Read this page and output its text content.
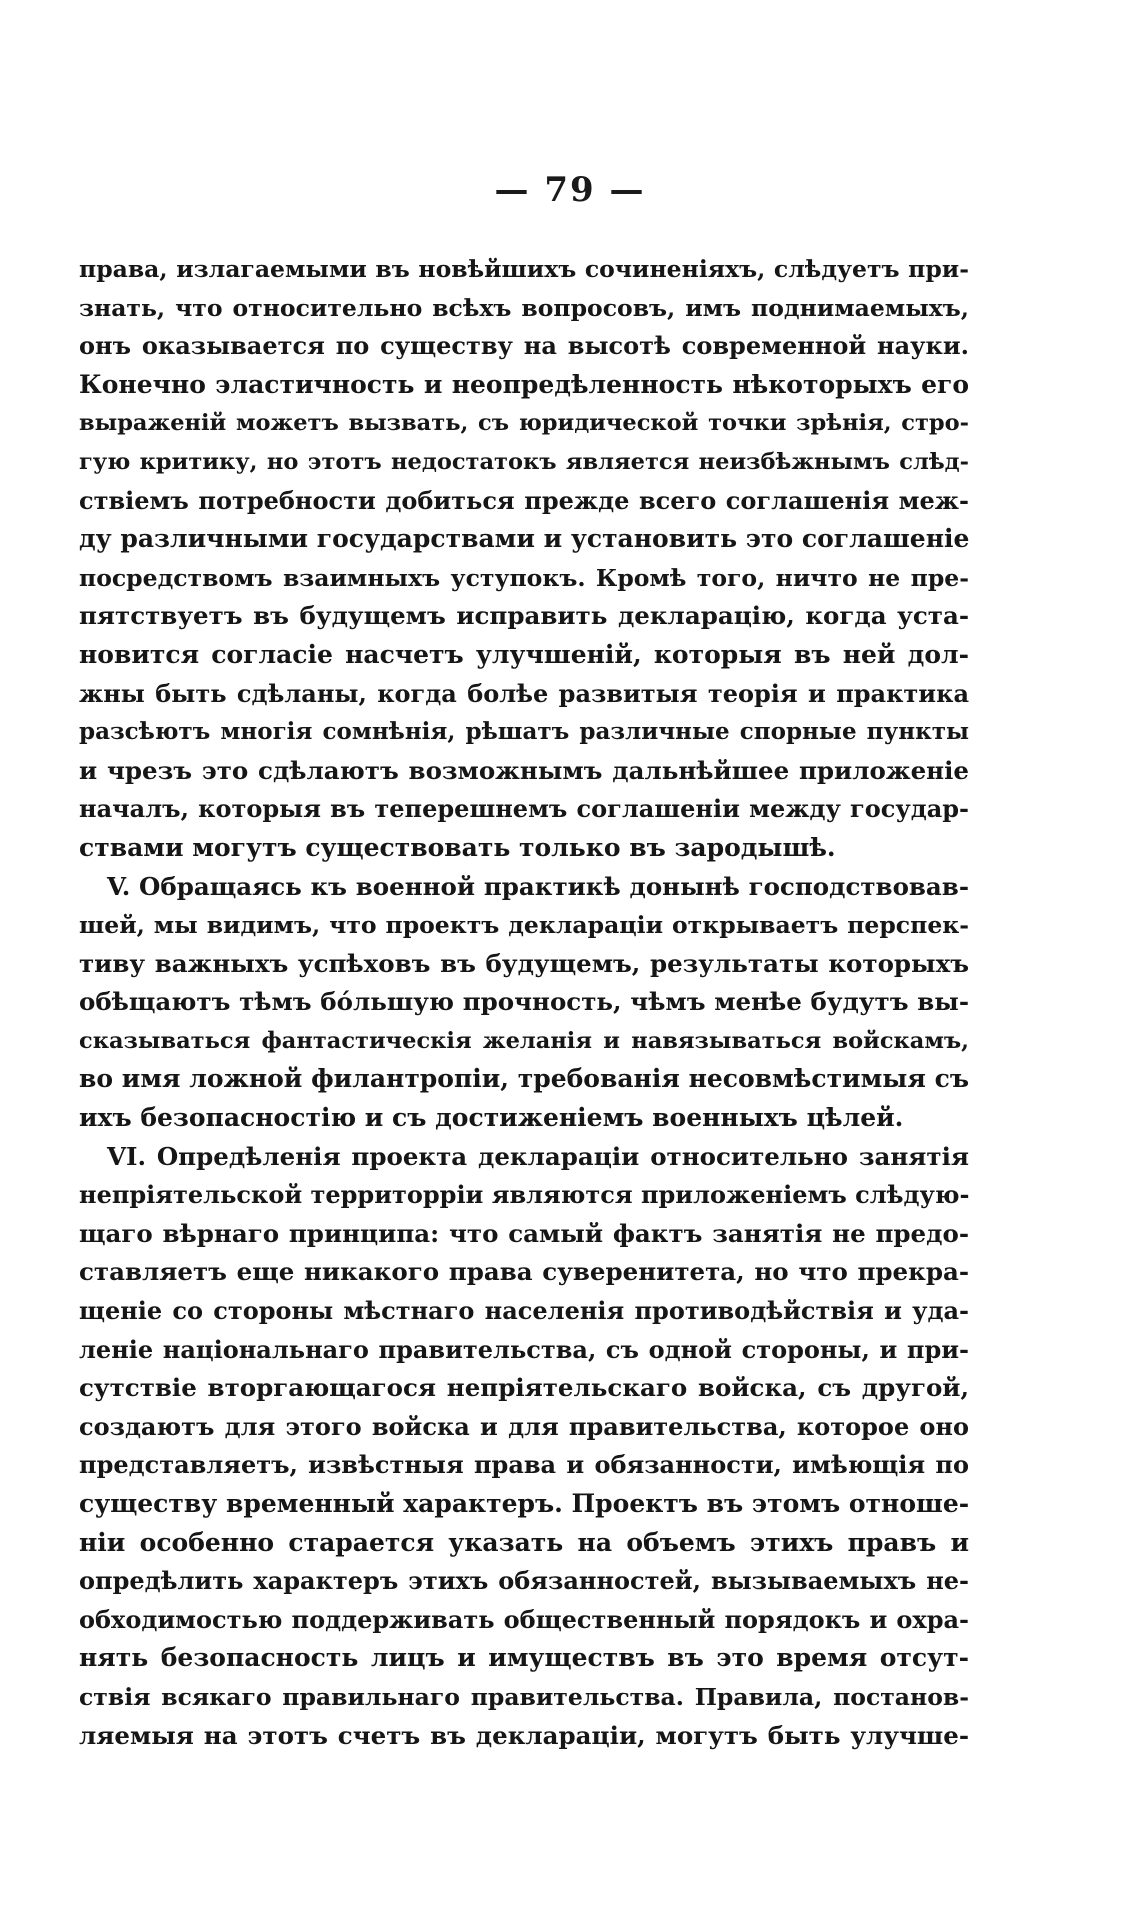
— 79 —
права, излагаемыми въ новѣйшихъ сочиненіяхъ, слѣдуетъ при-
знать, что относительно всѣхъ вопросовъ, имъ поднимаемыхъ,
онъ оказывается по существу на высотѣ современной науки.
Конечно эластичность и неопредѣленность нѣкоторыхъ его
выраженій можетъ вызвать, съ юридической точки зрѣнія, стро-
гую критику, но этотъ недостатокъ является неизбѣжнымъ слѣд-
ствіемъ потребности добиться прежде всего соглашенія меж-
ду различными государствами и установить это соглашеніе
посредствомъ взаимныхъ уступокъ. Кромѣ того, ничто не пре-
пятствуетъ въ будущемъ исправить декларацію, когда уста-
новится согласіе насчетъ улучшеній, которыя въ ней дол-
жны быть сдѣланы, когда болѣе развитыя теорія и практика
разсѣютъ многія сомнѣнія, рѣшатъ различные спорные пункты
и чрезъ это сдѣлаютъ возможнымъ дальнѣйшее приложеніе
началъ, которыя въ теперешнемъ соглашеніи между государ-
ствами могутъ существовать только въ зародышѣ.
V. Обращаясь къ военной практикѣ донынѣ господствовав-
шей, мы видимъ, что проектъ деклараціи открываетъ перспек-
тиву важныхъ успѣховъ въ будущемъ, результаты которыхъ
обѣщаютъ тѣмъ бо́льшую прочность, чѣмъ менѣе будутъ вы-
сказываться фантастическія желанія и навязываться войскамъ,
во имя ложной филантропіи, требованія несовмѣстимыя съ
ихъ безопасностію и съ достиженіемъ военныхъ цѣлей.
VI. Опредѣленія проекта деклараціи относительно занятія
непріятельской территорріи являются приложеніемъ слѣдую-
щаго вѣрнаго принципа: что самый фактъ занятія не предо-
ставляетъ еще никакого права суверенитета, но что прекра-
щеніе со стороны мѣстнаго населенія противодѣйствія и уда-
леніе національнаго правительства, съ одной стороны, и при-
сутствіе вторгающагося непріятельскаго войска, съ другой,
создаютъ для этого войска и для правительства, которое оно
представляетъ, извѣстныя права и обязанности, имѣющія по
существу временный характеръ. Проектъ въ этомъ отноше-
ніи особенно старается указать на объемъ этихъ правъ и
опредѣлить характеръ этихъ обязанностей, вызываемыхъ не-
обходимостью поддерживать общественный порядокъ и охра-
нять безопасность лицъ и имуществъ въ это время отсут-
ствія всякаго правильнаго правительства. Правила, постанов-
ляемыя на этотъ счетъ въ деклараціи, могутъ быть улучше-
